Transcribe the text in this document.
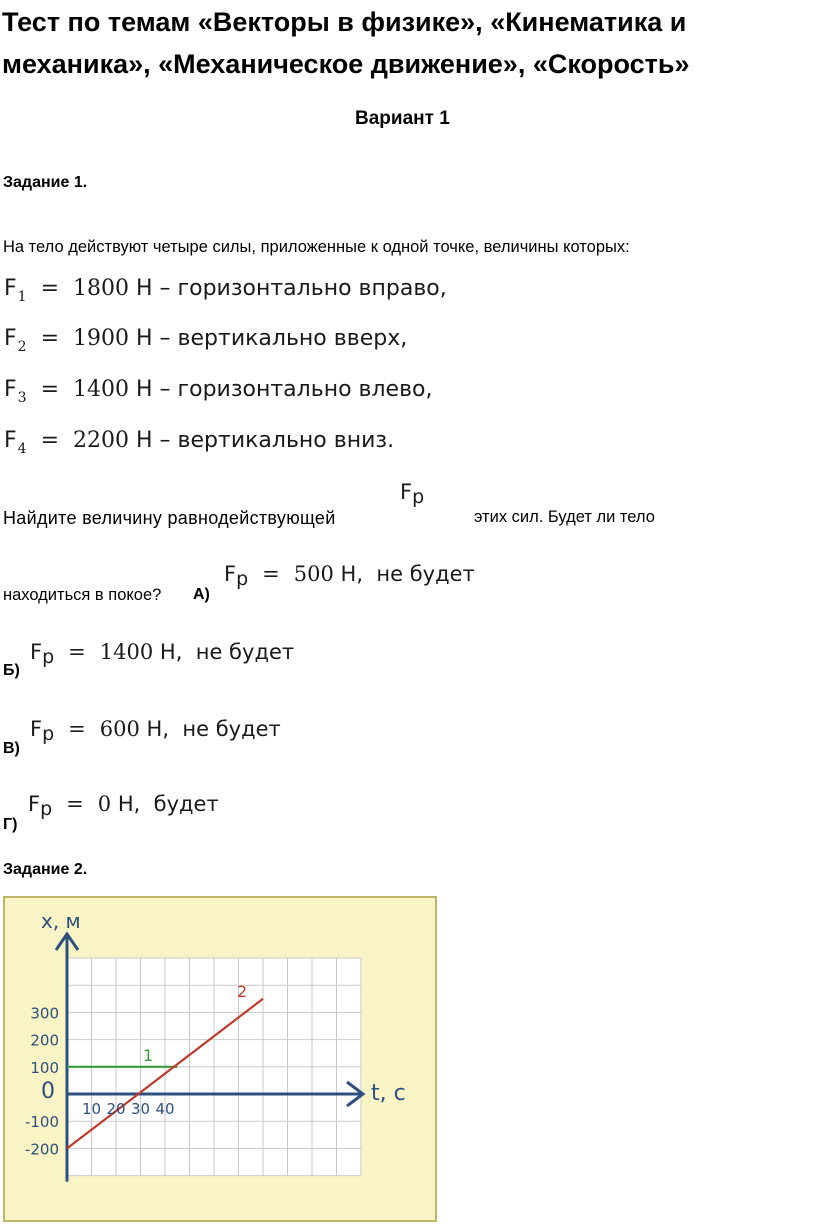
Тест по темам «Векторы в физике», «Кинематика и
механика», «Механическое движение», «Скорость»
Вариант 1
Задание 1.
На тело действуют четыре силы, приложенные к одной точке, величины которых:
$F_1 = 1800$ Н – горизонтально вправо,
$F_2 = 1900$ Н – вертикально вверх,
$F_3 = 1400$ Н – горизонтально влево,
$F_4 = 2200$ Н – вертикально вниз.
Найдите величину равнодействующей
Fр
этих сил. Будет ли тело
находиться в покое? А)
Fр = 500 Н, не будет
Б)
Fр = 1400 Н, не будет
В)
Fр = 600 Н, не будет
Г)
Fр = 0 Н, будет
Задание 2.
x, м
t, с
0
10 20 30 40
300
200
100
-100
-200
1
2
